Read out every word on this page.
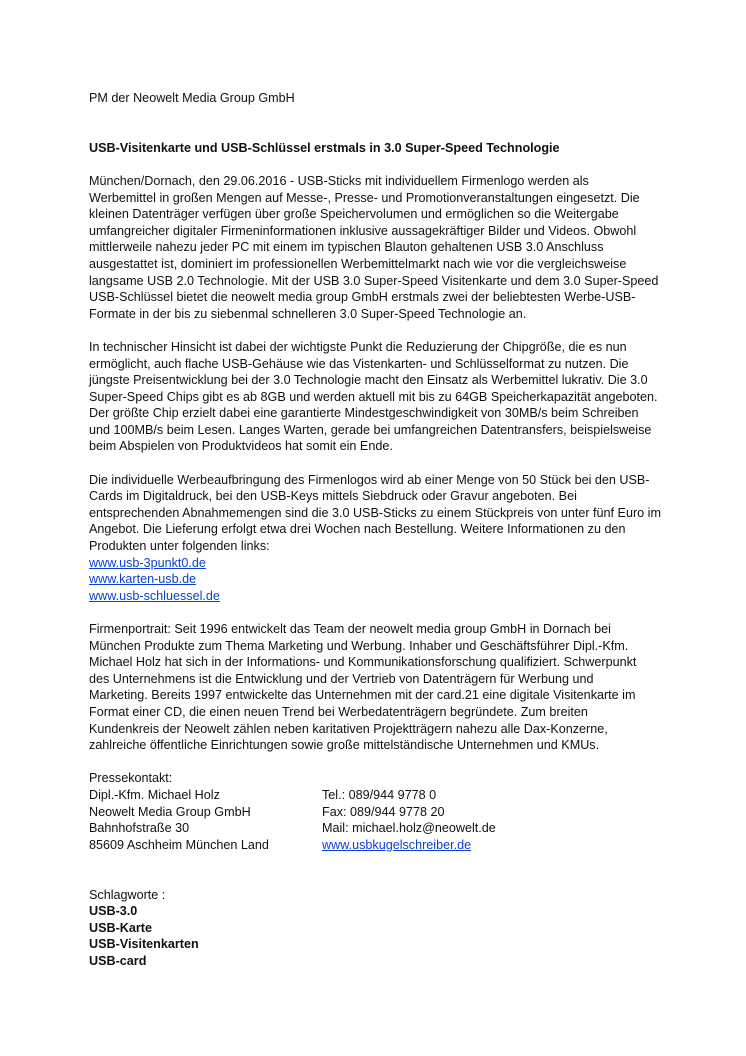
PM der Neowelt Media Group GmbH

USB-Visitenkarte und USB-Schlüssel erstmals in 3.0 Super-Speed Technologie

München/Dornach, den 29.06.2016 - USB-Sticks mit individuellem Firmenlogo werden als

Werbemittel in großen Mengen auf Messe-, Presse- und Promotionveranstaltungen eingesetzt. Die

kleinen Datenträger verfügen über große Speichervolumen und ermöglichen so die Weitergabe

umfangreicher digitaler Firmeninformationen inklusive aussagekräftiger Bilder und Videos. Obwohl

mittlerweile nahezu jeder PC mit einem im typischen Blauton gehaltenen USB 3.0 Anschluss

ausgestattet ist, dominiert im professionellen Werbemittelmarkt nach wie vor die vergleichsweise

langsame USB 2.0 Technologie. Mit der USB 3.0 Super-Speed Visitenkarte und dem 3.0 Super-Speed

USB-Schlüssel bietet die neowelt media group GmbH erstmals zwei der beliebtesten Werbe-USB-

Formate in der bis zu siebenmal schnelleren 3.0 Super-Speed Technologie an.

In technischer Hinsicht ist dabei der wichtigste Punkt die Reduzierung der Chipgröße, die es nun

ermöglicht, auch flache USB-Gehäuse wie das Vistenkarten- und Schlüsselformat zu nutzen. Die

jüngste Preisentwicklung bei der 3.0 Technologie macht den Einsatz als Werbemittel lukrativ. Die 3.0

Super-Speed Chips gibt es ab 8GB und werden aktuell mit bis zu 64GB Speicherkapazität angeboten.

Der größte Chip erzielt dabei eine garantierte Mindestgeschwindigkeit von 30MB/s beim Schreiben

und 100MB/s beim Lesen. Langes Warten, gerade bei umfangreichen Datentransfers, beispielsweise

beim Abspielen von Produktvideos hat somit ein Ende.

Die individuelle Werbeaufbringung des Firmenlogos wird ab einer Menge von 50 Stück bei den USB-

Cards im Digitaldruck, bei den USB-Keys mittels Siebdruck oder Gravur angeboten. Bei

entsprechenden Abnahmemengen sind die 3.0 USB-Sticks zu einem Stückpreis von unter fünf Euro im

Angebot. Die Lieferung erfolgt etwa drei Wochen nach Bestellung. Weitere Informationen zu den

Produkten unter folgenden links:

www.usb-3punkt0.de

www.karten-usb.de

www.usb-schluessel.de

Firmenportrait: Seit 1996 entwickelt das Team der neowelt media group GmbH in Dornach bei

München Produkte zum Thema Marketing und Werbung. Inhaber und Geschäftsführer Dipl.-Kfm.

Michael Holz hat sich in der Informations- und Kommunikationsforschung qualifiziert. Schwerpunkt

des Unternehmens ist die Entwicklung und der Vertrieb von Datenträgern für Werbung und

Marketing. Bereits 1997 entwickelte das Unternehmen mit der card.21 eine digitale Visitenkarte im

Format einer CD, die einen neuen Trend bei Werbedatenträgern begründete. Zum breiten

Kundenkreis der Neowelt zählen neben karitativen Projektträgern nahezu alle Dax-Konzerne,

zahlreiche öffentliche Einrichtungen sowie große mittelständische Unternehmen und KMUs.

Pressekontakt:

Dipl.-Kfm. Michael Holz

Neowelt Media Group GmbH

Bahnhofstraße 30

85609 Aschheim München Land

Tel.: 089/944 9778 0

Fax: 089/944 9778 20

Mail: michael.holz@neowelt.de

www.usbkugelschreiber.de

Schlagworte :

USB-3.0

USB-Karte

USB-Visitenkarten

USB-card
